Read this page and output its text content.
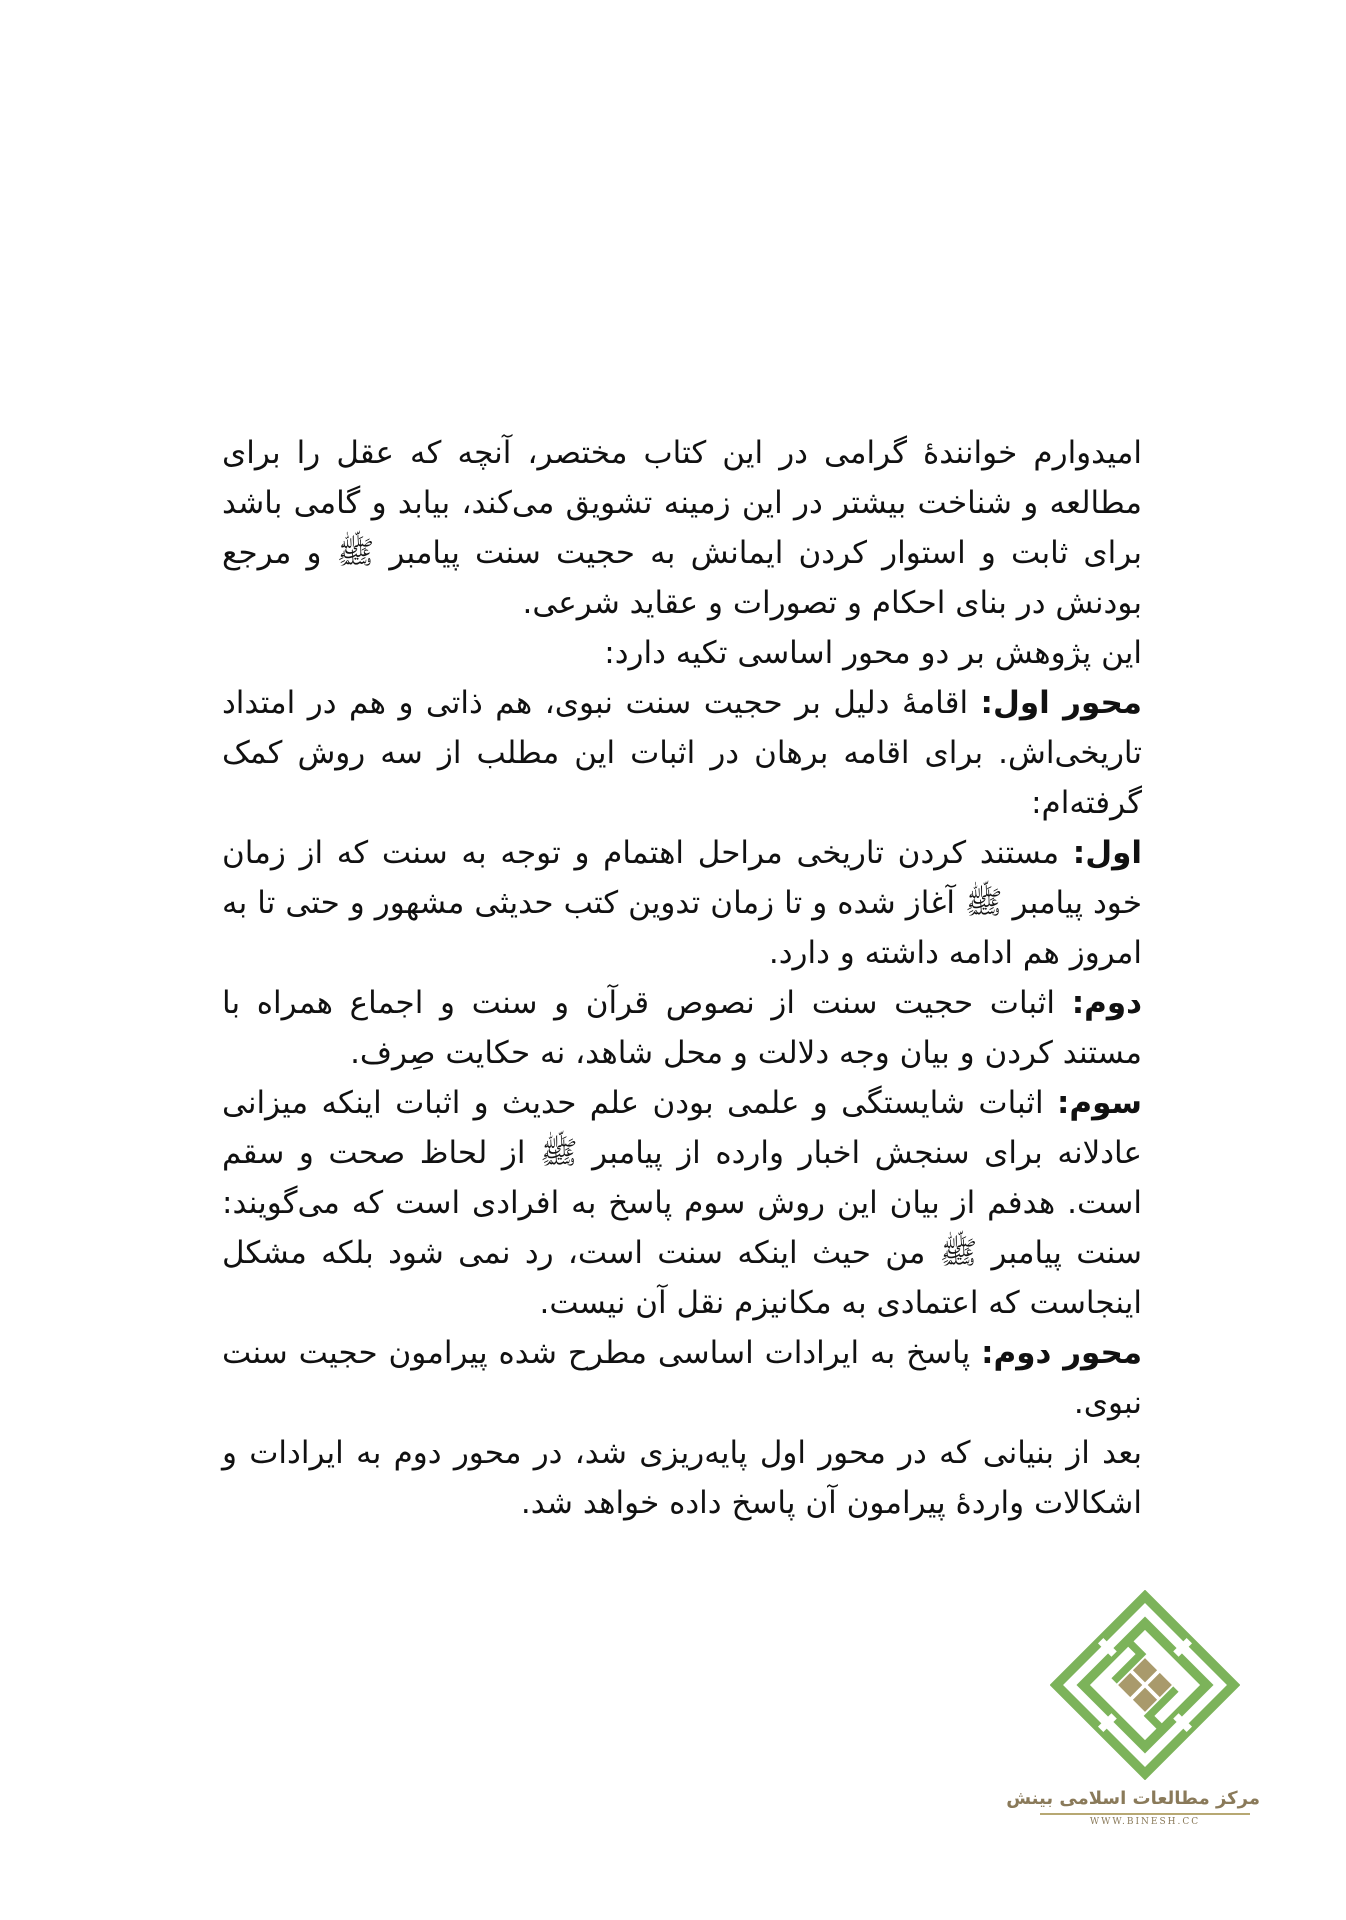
امیدوارم خوانندهٔ گرامی در این کتاب مختصر، آنچه که عقل را برای مطالعه و شناخت بیشتر در این زمینه تشویق می‌کند، بیابد و گامی باشد برای ثابت و استوار کردن ایمانش به حجیت سنت پیامبر ﷺ و مرجع بودنش در بنای احکام و تصورات و عقاید شرعی.

این پژوهش بر دو محور اساسی تکیه دارد:

محور اول: اقامهٔ دلیل بر حجیت سنت نبوی، هم ذاتی و هم در امتداد تاریخی‌اش. برای اقامه برهان در اثبات این مطلب از سه روش کمک گرفته‌ام:

اول: مستند کردن تاریخی مراحل اهتمام و توجه به سنت که از زمان خود پیامبر ﷺ آغاز شده و تا زمان تدوین کتب حدیثی مشهور و حتی تا به امروز هم ادامه داشته و دارد.

دوم: اثبات حجیت سنت از نصوص قرآن و سنت و اجماع همراه با مستند کردن و بیان وجه دلالت و محل شاهد، نه حکایت صِرف.

سوم: اثبات شایستگی و علمی بودن علم حدیث و اثبات اینکه میزانی عادلانه برای سنجش اخبار وارده از پیامبر ﷺ از لحاظ صحت و سقم است. هدفم از بیان این روش سوم پاسخ به افرادی است که می‌گویند: سنت پیامبر ﷺ من حیث اینکه سنت است، رد نمی شود بلکه مشکل اینجاست که اعتمادی به مکانیزم نقل آن نیست.

محور دوم: پاسخ به ایرادات اساسی مطرح شده پیرامون حجیت سنت نبوی.

بعد از بنیانی که در محور اول پایه‌ریزی شد، در محور دوم به ایرادات و اشکالات واردهٔ پیرامون آن پاسخ داده خواهد شد.

مرکز مطالعات اسلامی بینش
WWW.BINESH.CC
